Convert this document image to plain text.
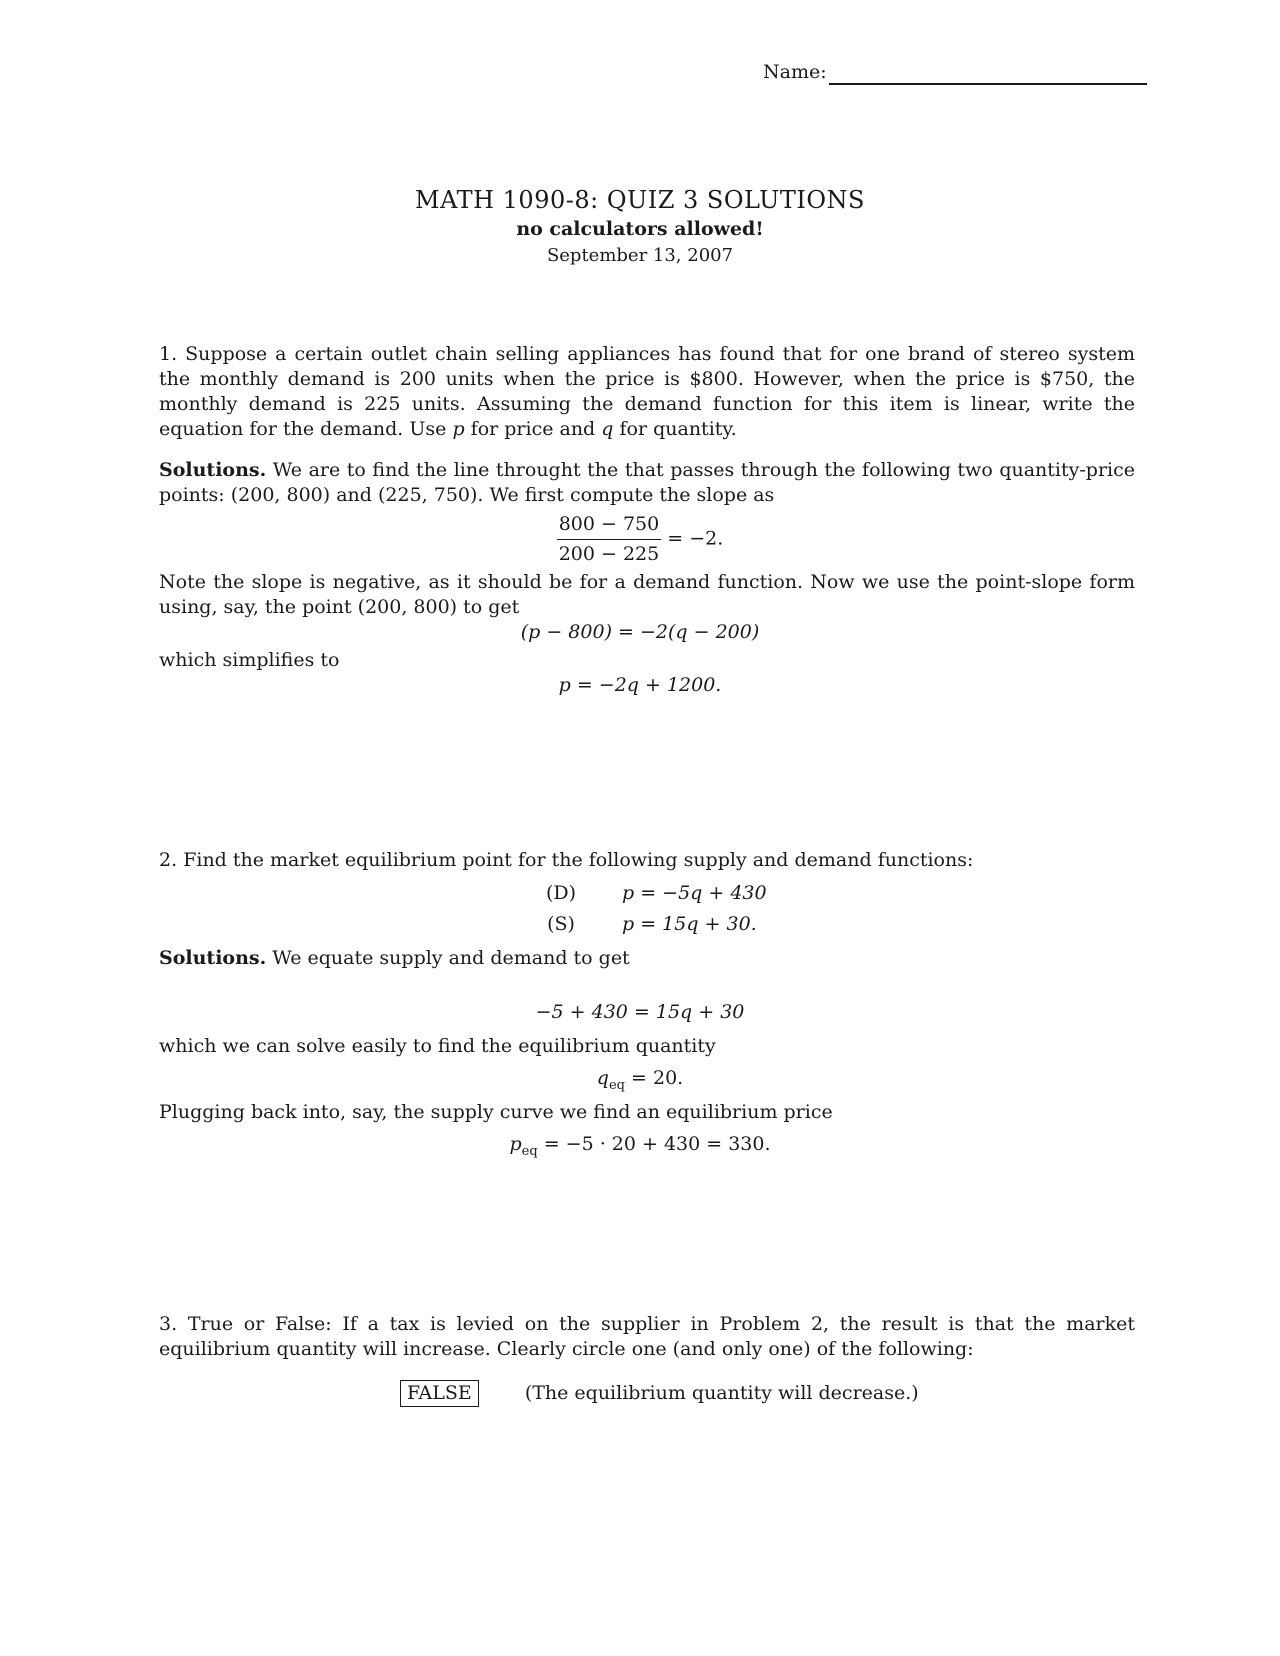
Name:
MATH 1090-8: QUIZ 3 SOLUTIONS
no calculators allowed!
September 13, 2007
1. Suppose a certain outlet chain selling appliances has found that for one brand of stereo system the monthly demand is 200 units when the price is $800. However, when the price is $750, the monthly demand is 225 units. Assuming the demand function for this item is linear, write the equation for the demand. Use p for price and q for quantity.
Solutions. We are to find the line throught the that passes through the following two quantity-price points: (200, 800) and (225, 750). We first compute the slope as
$\frac{800 - 750}{200 - 225} = -2$.
Note the slope is negative, as it should be for a demand function. Now we use the point-slope form using, say, the point (200, 800) to get
(p − 800) = −2(q − 200)
which simplifies to
p = −2q + 1200.
2. Find the market equilibrium point for the following supply and demand functions:
(D)	p = −5q + 430
(S)	p = 15q + 30.
Solutions. We equate supply and demand to get
−5 + 430 = 15q + 30
which we can solve easily to find the equilibrium quantity
$q_{eq} = 20$.
Plugging back into, say, the supply curve we find an equilibrium price
$p_{eq} = -5 \cdot 20 + 430 = 330$.
3. True or False: If a tax is levied on the supplier in Problem 2, the result is that the market equilibrium quantity will increase. Clearly circle one (and only one) of the following:
FALSE	(The equilibrium quantity will decrease.)
